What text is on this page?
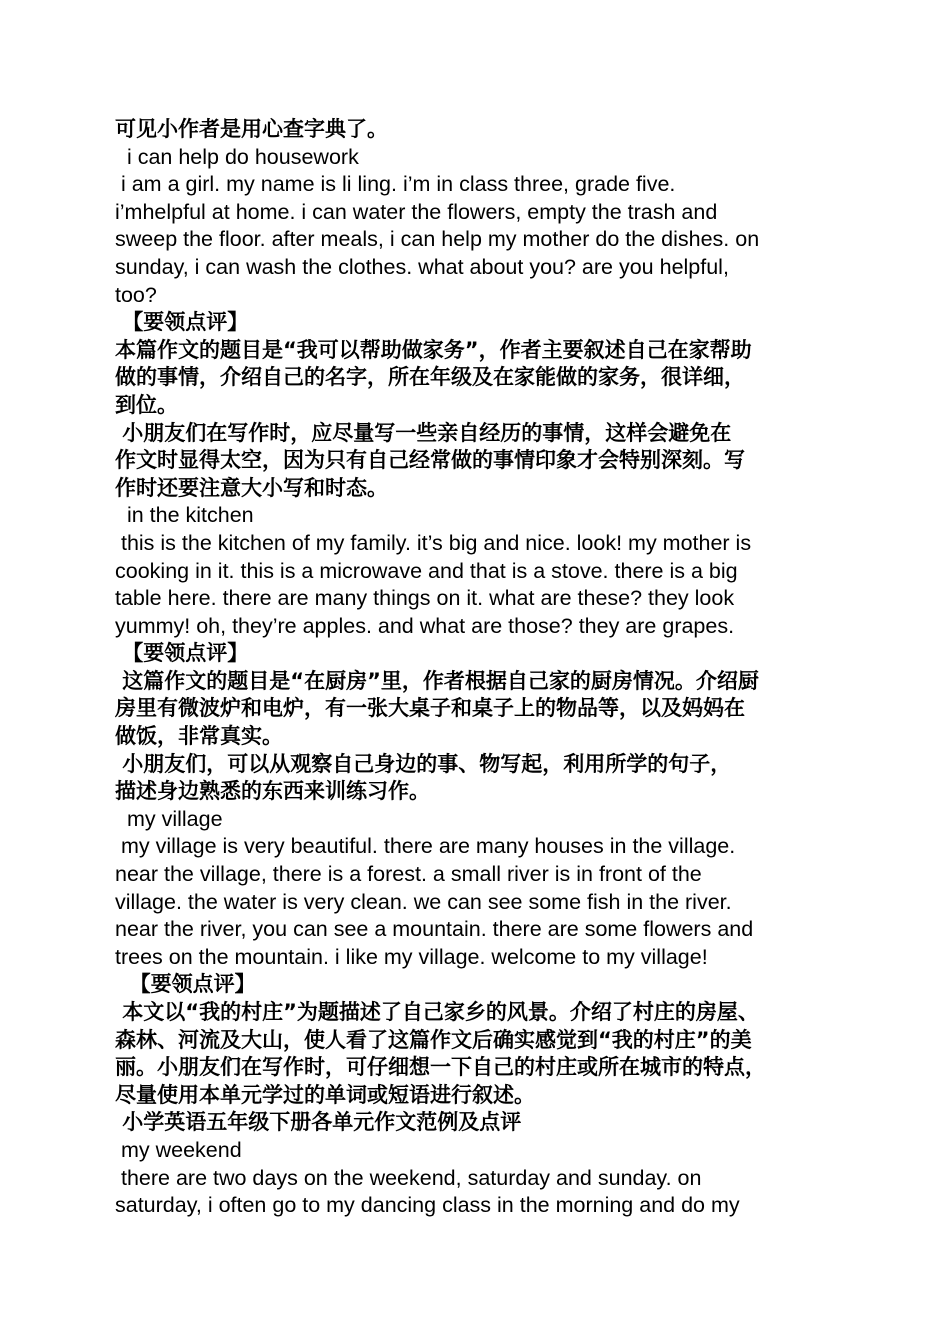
可见小作者是用心查字典了。
i can help do housework
i am a girl. my name is li ling. i’m in class three, grade five.
i’mhelpful at home. i can water the flowers, empty the trash and
sweep the floor. after meals, i can help my mother do the dishes. on
sunday, i can wash the clothes. what about you? are you helpful,
too?
【要领点评】
本篇作文的题目是“我可以帮助做家务”，作者主要叙述自己在家帮助
做的事情，介绍自己的名字，所在年级及在家能做的家务，很详细，
到位。
小朋友们在写作时，应尽量写一些亲自经历的事情，这样会避免在
作文时显得太空，因为只有自己经常做的事情印象才会特别深刻。写
作时还要注意大小写和时态。
in the kitchen
this is the kitchen of my family. it’s big and nice. look! my mother is
cooking in it. this is a microwave and that is a stove. there is a big
table here. there are many things on it. what are these? they look
yummy! oh, they’re apples. and what are those? they are grapes.
【要领点评】
这篇作文的题目是“在厨房”里，作者根据自己家的厨房情况。介绍厨
房里有微波炉和电炉，有一张大桌子和桌子上的物品等，以及妈妈在
做饭，非常真实。
小朋友们，可以从观察自己身边的事、物写起，利用所学的句子，
描述身边熟悉的东西来训练习作。
my village
my village is very beautiful. there are many houses in the village.
near the village, there is a forest. a small river is in front of the
village. the water is very clean. we can see some fish in the river.
near the river, you can see a mountain. there are some flowers and
trees on the mountain. i like my village. welcome to my village!
【要领点评】
本文以“我的村庄”为题描述了自己家乡的风景。介绍了村庄的房屋、
森林、河流及大山，使人看了这篇作文后确实感觉到“我的村庄”的美
丽。小朋友们在写作时，可仔细想一下自己的村庄或所在城市的特点，
尽量使用本单元学过的单词或短语进行叙述。
小学英语五年级下册各单元作文范例及点评
my weekend
there are two days on the weekend, saturday and sunday. on
saturday, i often go to my dancing class in the morning and do my
